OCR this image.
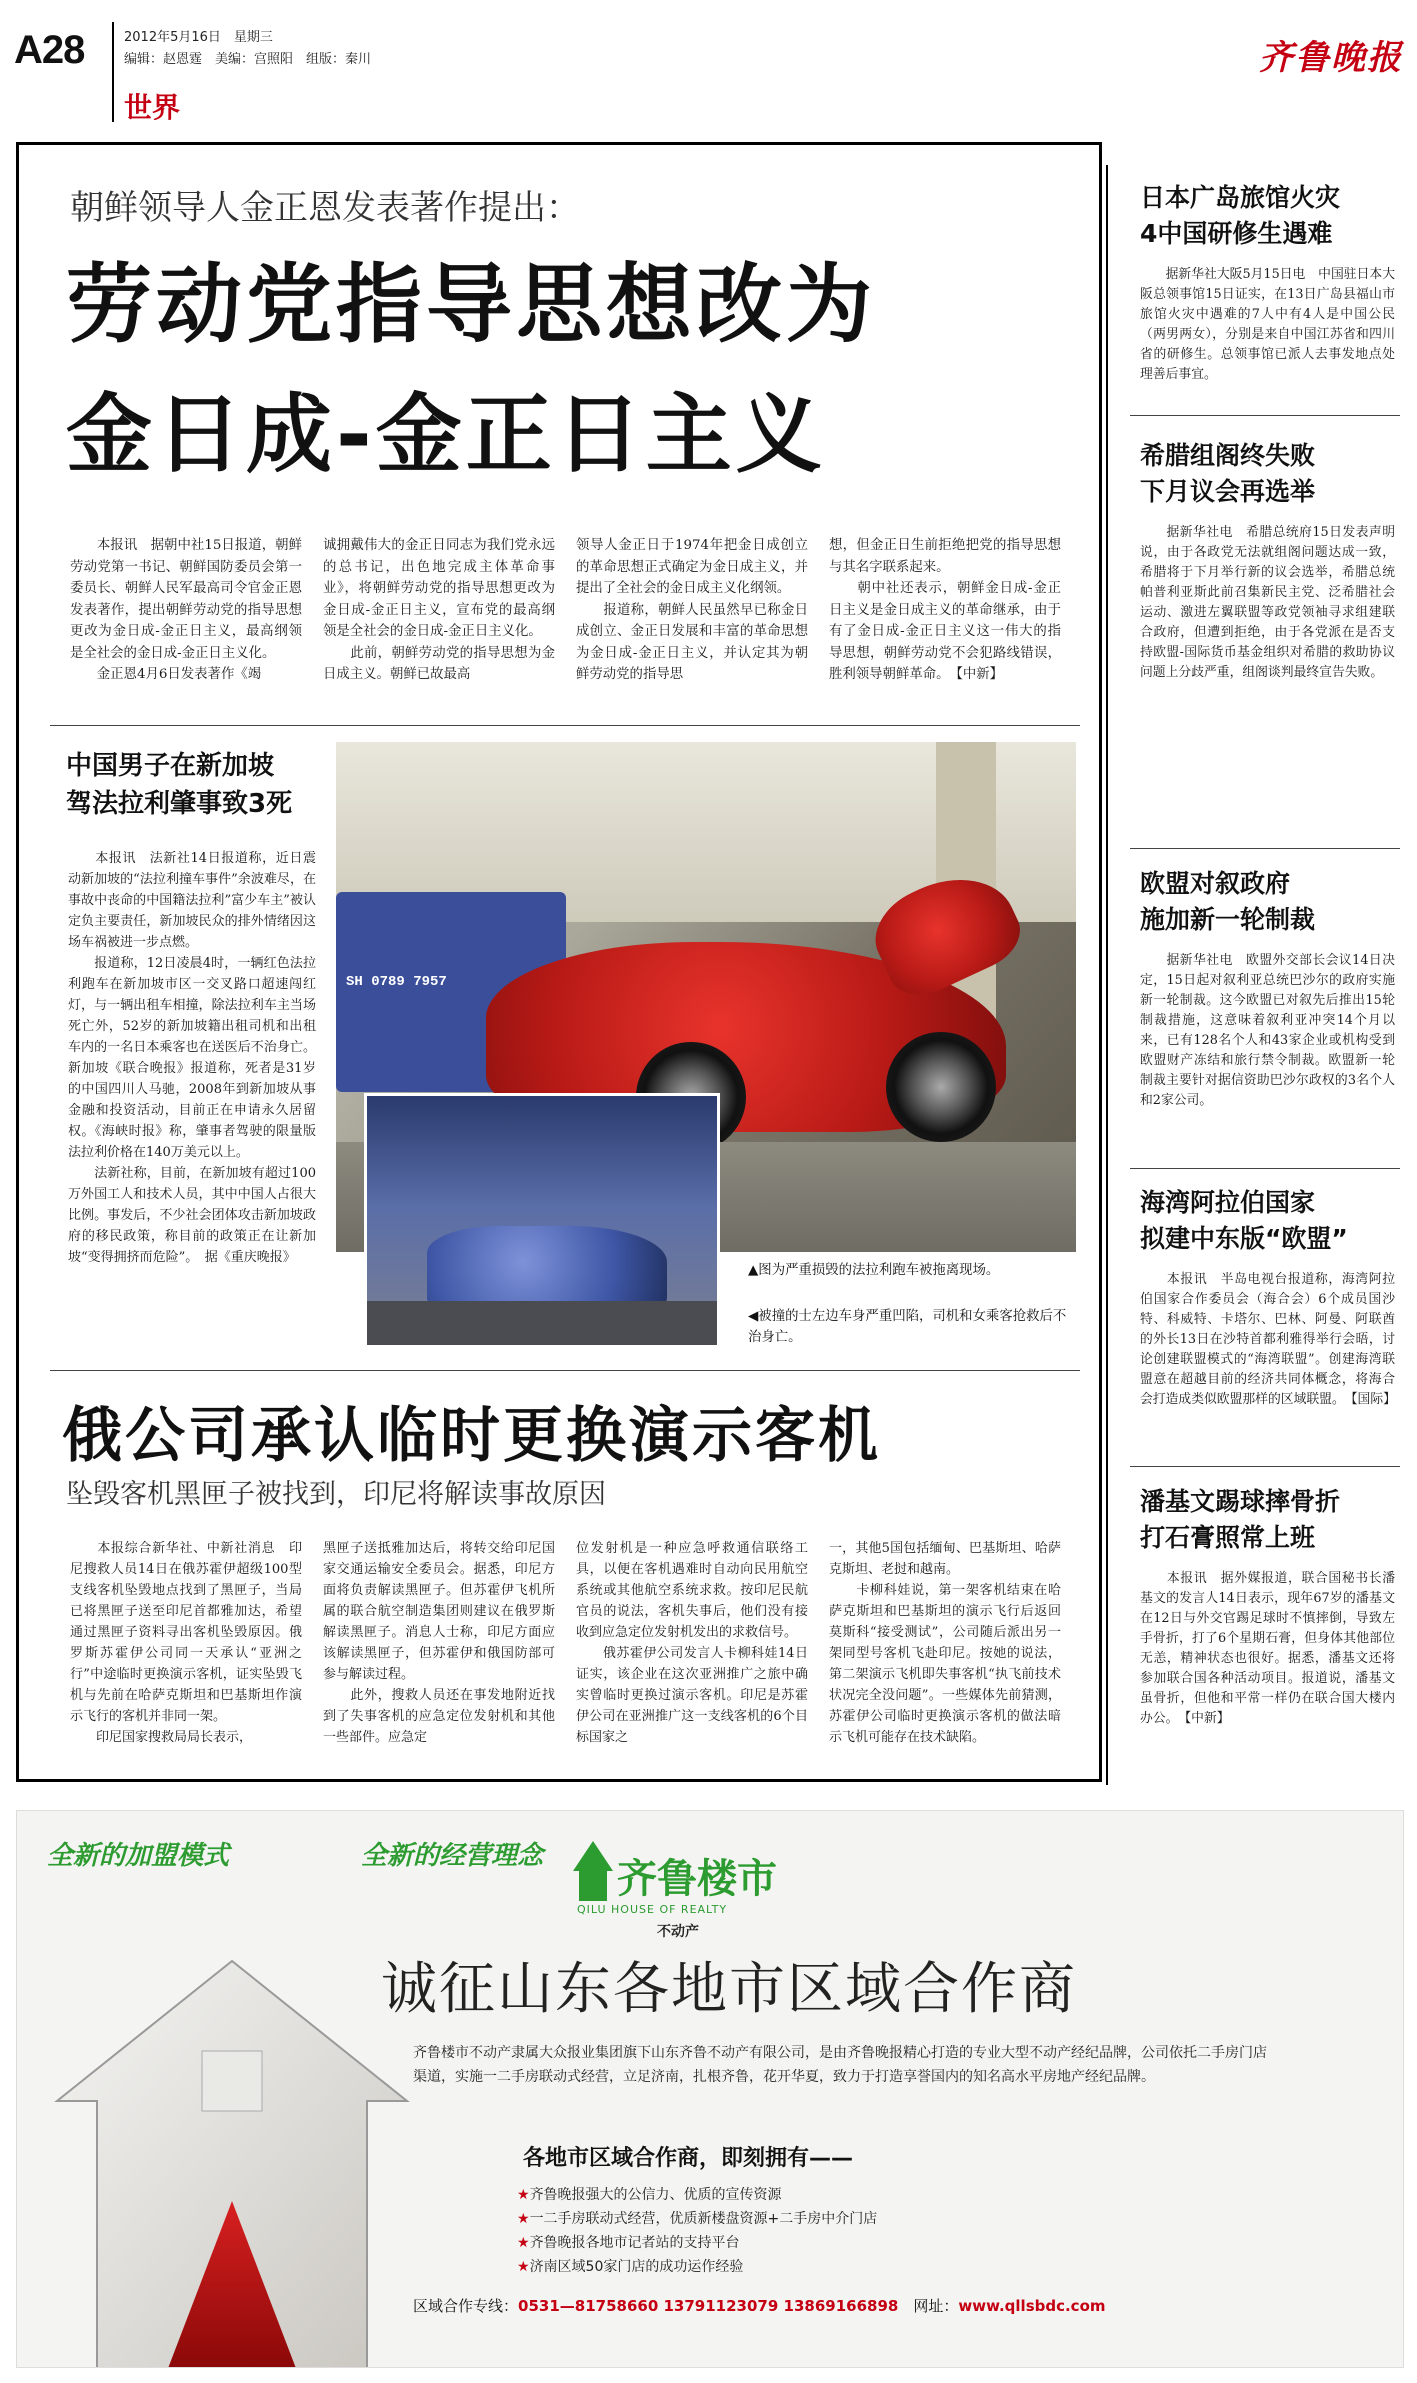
A28	2012年5月16日　星期三
编辑：赵恩霆　美编：宫照阳　组版：秦川
世界
齐鲁晚报
朝鲜领导人金正恩发表著作提出：
劳动党指导思想改为
金日成-金正日主义

　　本报讯　据朝中社15日报道，朝鲜劳动党第一书记、朝鲜国防委员会第一委员长、朝鲜人民军最高司令官金正恩发表著作，提出朝鲜劳动党的指导思想更改为金日成-金正日主义，最高纲领是全社会的金日成-金正日主义化。
　　金正恩4月6日发表著作《竭

诚拥戴伟大的金正日同志为我们党永远的总书记，出色地完成主体革命事业》，将朝鲜劳动党的指导思想更改为金日成-金正日主义，宣布党的最高纲领是全社会的金日成-金正日主义化。
　　此前，朝鲜劳动党的指导思想为金日成主义。朝鲜已故最高

领导人金正日于1974年把金日成创立的革命思想正式确定为金日成主义，并提出了全社会的金日成主义化纲领。
　　报道称，朝鲜人民虽然早已称金日成创立、金正日发展和丰富的革命思想为金日成-金正日主义，并认定其为朝鲜劳动党的指导思

想，但金正日生前拒绝把党的指导思想与其名字联系起来。
　　朝中社还表示，朝鲜金日成-金正日主义是金日成主义的革命继承，由于有了金日成-金正日主义这一伟大的指导思想，朝鲜劳动党不会犯路线错误，胜利领导朝鲜革命。　【中新】

中国男子在新加坡
驾法拉利肇事致3死

　　本报讯　法新社14日报道称，近日震动新加坡的“法拉利撞车事件”余波难尽，在事故中丧命的中国籍法拉利”富少车主”被认定负主要责任，新加坡民众的排外情绪因这场车祸被进一步点燃。
　　报道称，12日凌晨4时，一辆红色法拉利跑车在新加坡市区一交叉路口超速闯红灯，与一辆出租车相撞，除法拉利车主当场死亡外，52岁的新加坡籍出租司机和出租车内的一名日本乘客也在送医后不治身亡。新加坡《联合晚报》报道称，死者是31岁的中国四川人马驰，2008年到新加坡从事金融和投资活动，目前正在申请永久居留权。《海峡时报》称，肇事者驾驶的限量版法拉利价格在140万美元以上。
　　法新社称，目前，在新加坡有超过100万外国工人和技术人员，其中中国人占很大比例。事发后，不少社会团体攻击新加坡政府的移民政策，称目前的政策正在让新加坡“变得拥挤而危险”。　据《重庆晚报》

SH 0789 7957
▲图为严重损毁的法拉利跑车被拖离现场。
◀被撞的士左边车身严重凹陷，司机和女乘客抢救后不治身亡。
俄公司承认临时更换演示客机
坠毁客机黑匣子被找到，印尼将解读事故原因

　　本报综合新华社、中新社消息　印尼搜救人员14日在俄苏霍伊超级100型支线客机坠毁地点找到了黑匣子，当局已将黑匣子送至印尼首都雅加达，希望通过黑匣子资料寻出客机坠毁原因。俄罗斯苏霍伊公司同一天承认“亚洲之行”中途临时更换演示客机，证实坠毁飞机与先前在哈萨克斯坦和巴基斯坦作演示飞行的客机并非同一架。
　　印尼国家搜救局局长表示，

黑匣子送抵雅加达后，将转交给印尼国家交通运输安全委员会。据悉，印尼方面将负责解读黑匣子。但苏霍伊飞机所属的联合航空制造集团则建议在俄罗斯解读黑匣子。消息人士称，印尼方面应该解读黑匣子，但苏霍伊和俄国防部可参与解读过程。
　　此外，搜救人员还在事发地附近找到了失事客机的应急定位发射机和其他一些部件。应急定

位发射机是一种应急呼救通信联络工具，以便在客机遇难时自动向民用航空系统或其他航空系统求救。按印尼民航官员的说法，客机失事后，他们没有接收到应急定位发射机发出的求救信号。
　　俄苏霍伊公司发言人卡柳科娃14日证实，该企业在这次亚洲推广之旅中确实曾临时更换过演示客机。印尼是苏霍伊公司在亚洲推广这一支线客机的6个目标国家之

一，其他5国包括缅甸、巴基斯坦、哈萨克斯坦、老挝和越南。
　　卡柳科娃说，第一架客机结束在哈萨克斯坦和巴基斯坦的演示飞行后返回莫斯科“接受测试”，公司随后派出另一架同型号客机飞赴印尼。按她的说法，第二架演示飞机即失事客机“执飞前技术状况完全没问题”。一些媒体先前猜测，苏霍伊公司临时更换演示客机的做法暗示飞机可能存在技术缺陷。

日本广岛旅馆火灾
4中国研修生遇难

　　据新华社大阪5月15日电　中国驻日本大阪总领事馆15日证实，在13日广岛县福山市旅馆火灾中遇难的7人中有4人是中国公民（两男两女），分别是来自中国江苏省和四川省的研修生。总领事馆已派人去事发地点处理善后事宜。

希腊组阁终失败
下月议会再选举

　　据新华社电　希腊总统府15日发表声明说，由于各政党无法就组阁问题达成一致，希腊将于下月举行新的议会选举，希腊总统帕普利亚斯此前召集新民主党、泛希腊社会运动、激进左翼联盟等政党领袖寻求组建联合政府，但遭到拒绝，由于各党派在是否支持欧盟-国际货币基金组织对希腊的救助协议问题上分歧严重，组阁谈判最终宣告失败。

欧盟对叙政府
施加新一轮制裁

　　据新华社电　欧盟外交部长会议14日决定，15日起对叙利亚总统巴沙尔的政府实施新一轮制裁。这今欧盟已对叙先后推出15轮制裁措施，这意味着叙利亚冲突14个月以来，已有128名个人和43家企业或机构受到欧盟财产冻结和旅行禁令制裁。欧盟新一轮制裁主要针对据信资助巴沙尔政权的3名个人和2家公司。

海湾阿拉伯国家
拟建中东版“欧盟”

　　本报讯　半岛电视台报道称，海湾阿拉伯国家合作委员会（海合会）6个成员国沙特、科威特、卡塔尔、巴林、阿曼、阿联酋的外长13日在沙特首都利雅得举行会晤，讨论创建联盟模式的“海湾联盟”。创建海湾联盟意在超越目前的经济共同体概念，将海合会打造成类似欧盟那样的区域联盟。　【国际】

潘基文踢球摔骨折
打石膏照常上班

　　本报讯　据外媒报道，联合国秘书长潘基文的发言人14日表示，现年67岁的潘基文在12日与外交官踢足球时不慎摔倒，导致左手骨折，打了6个星期石膏，但身体其他部位无恙，精神状态也很好。据悉，潘基文还将参加联合国各种活动项目。报道说，潘基文虽骨折，但他和平常一样仍在联合国大楼内办公。　【中新】

全新的加盟模式	全新的经营理念 齐鲁楼市
QILU HOUSE OF REALTY
不动产
诚征山东各地市区域合作商
齐鲁楼市不动产隶属大众报业集团旗下山东齐鲁不动产有限公司，是由齐鲁晚报精心打造的专业大型不动产经纪品牌，公司依托二手房门店渠道，实施一二手房联动式经营，立足济南，扎根齐鲁，花开华夏，致力于打造享誉国内的知名高水平房地产经纪品牌。
各地市区域合作商，即刻拥有——
★齐鲁晚报强大的公信力、优质的宣传资源
★一二手房联动式经营，优质新楼盘资源+二手房中介门店
★齐鲁晚报各地市记者站的支持平台
★济南区域50家门店的成功运作经验
区域合作专线：0531—81758660 13791123079 13869166898　 网址：www.qllsbdc.com
